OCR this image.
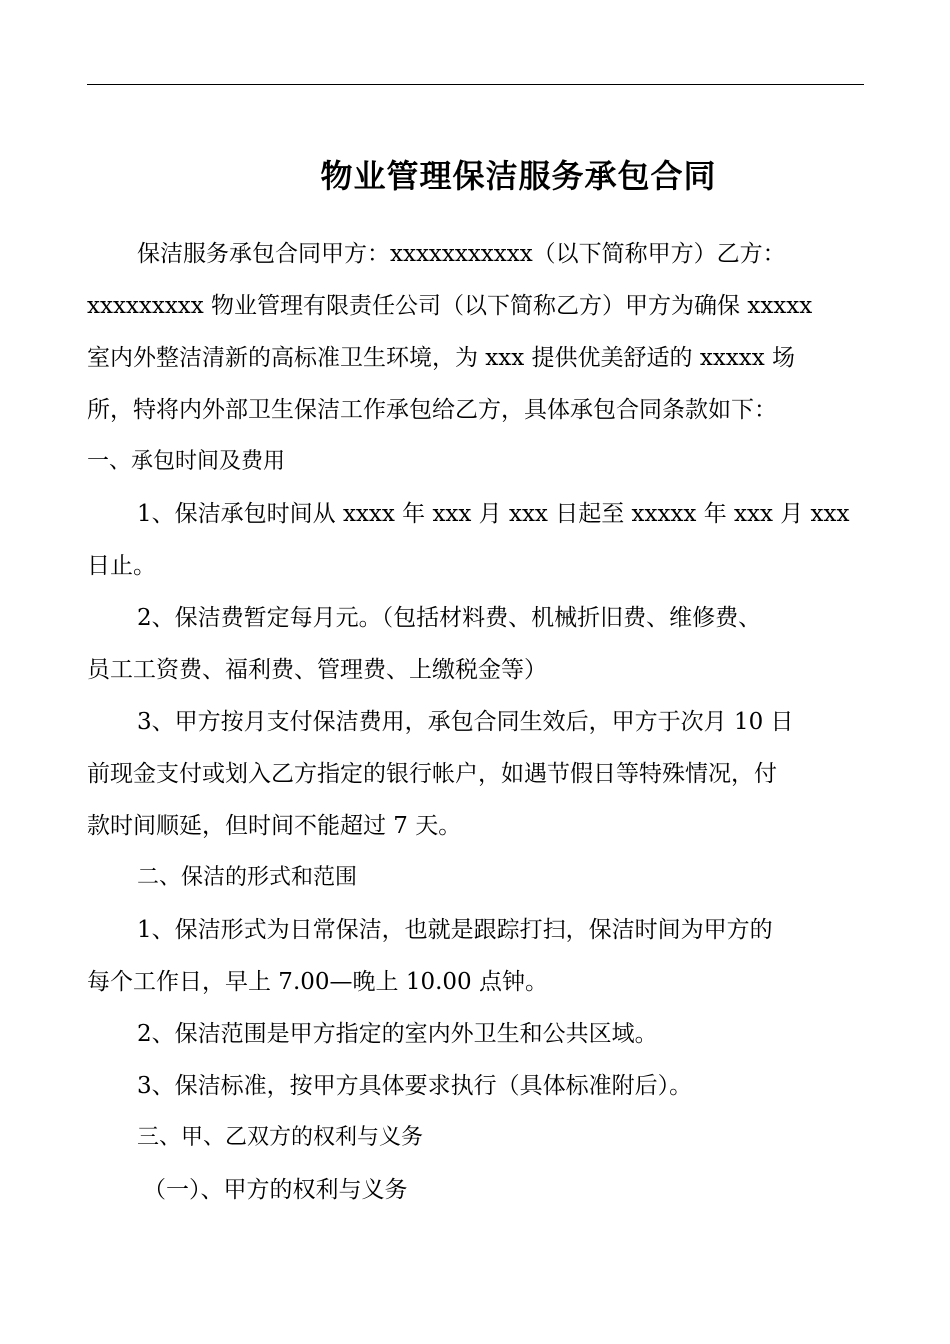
物业管理保洁服务承包合同

保洁服务承包合同甲方：xxxxxxxxxxx（以下简称甲方）乙方：
xxxxxxxxx 物业管理有限责任公司（以下简称乙方）甲方为确保 xxxxx
室内外整洁清新的高标准卫生环境，为 xxx 提供优美舒适的 xxxxx 场
所，特将内外部卫生保洁工作承包给乙方，具体承包合同条款如下：

一、承包时间及费用

1、保洁承包时间从 xxxx 年 xxx 月 xxx 日起至 xxxxx 年 xxx 月 xxx
日止。

2、保洁费暂定每月元。（包括材料费、机械折旧费、维修费、
员工工资费、福利费、管理费、上缴税金等）

3、甲方按月支付保洁费用，承包合同生效后，甲方于次月 10 日
前现金支付或划入乙方指定的银行帐户，如遇节假日等特殊情况，付
款时间顺延，但时间不能超过 7 天。

二、保洁的形式和范围

1、保洁形式为日常保洁，也就是跟踪打扫，保洁时间为甲方的
每个工作日，早上 7.00—晚上 10.00 点钟。

2、保洁范围是甲方指定的室内外卫生和公共区域。

3、保洁标准，按甲方具体要求执行（具体标准附后）。

三、甲、乙双方的权利与义务

（一）、甲方的权利与义务
